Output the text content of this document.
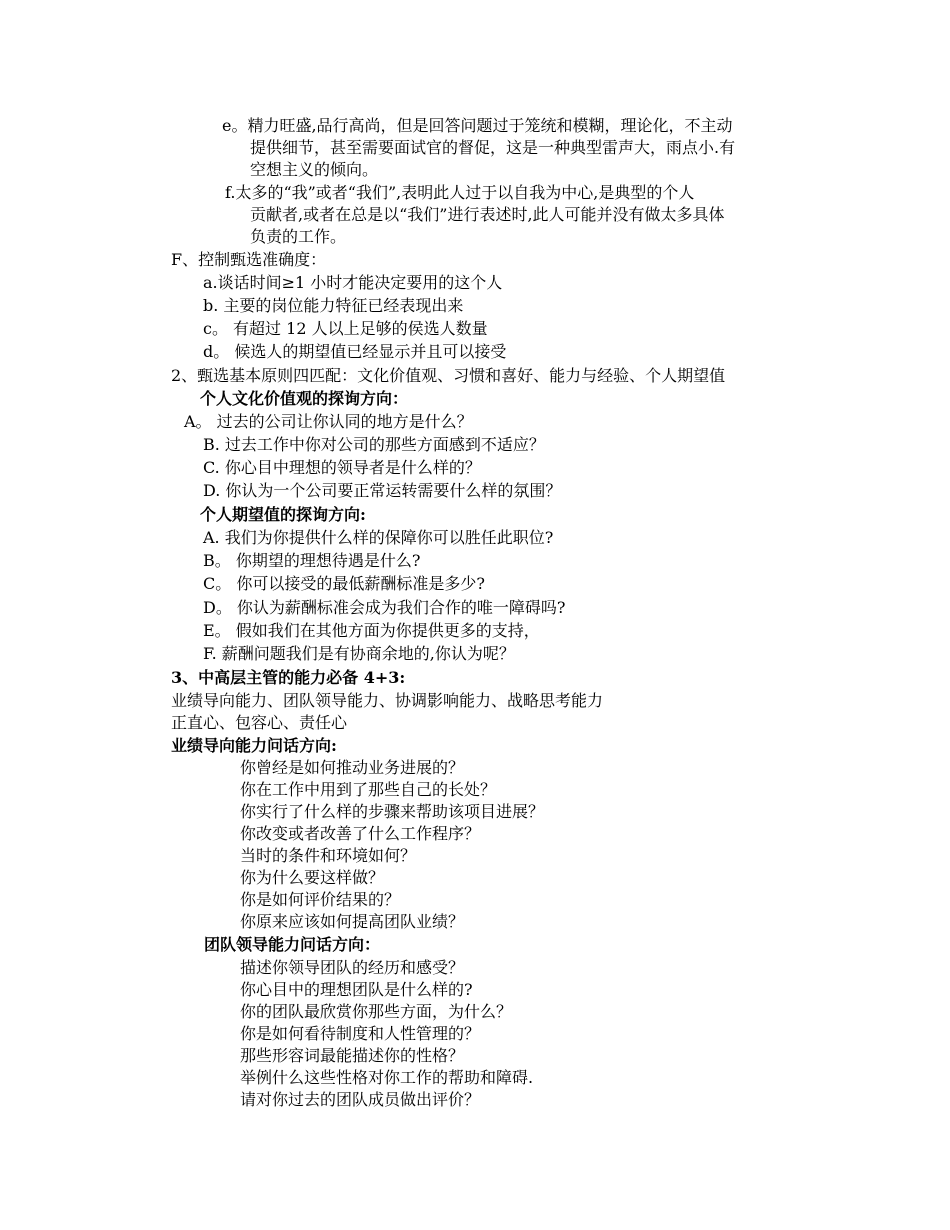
e。精力旺盛,品行高尚，但是回答问题过于笼统和模糊，理论化，不主动
提供细节，甚至需要面试官的督促，这是一种典型雷声大，雨点小.有
空想主义的倾向。
f.太多的“我”或者“我们”,表明此人过于以自我为中心,是典型的个人
贡献者,或者在总是以“我们”进行表述时,此人可能并没有做太多具体
负责的工作。
F、控制甄选准确度：
a.谈话时间≥1 小时才能决定要用的这个人
b. 主要的岗位能力特征已经表现出来
c。 有超过 12 人以上足够的侯选人数量
d。 候选人的期望值已经显示并且可以接受
2、甄选基本原则四匹配：文化价值观、习惯和喜好、能力与经验、个人期望值
个人文化价值观的探询方向：
A。 过去的公司让你认同的地方是什么？
B. 过去工作中你对公司的那些方面感到不适应？
C. 你心目中理想的领导者是什么样的？
D. 你认为一个公司要正常运转需要什么样的氛围？
个人期望值的探询方向:
A. 我们为你提供什么样的保障你可以胜任此职位?
B。 你期望的理想待遇是什么?
C。 你可以接受的最低薪酬标准是多少?
D。 你认为薪酬标准会成为我们合作的唯一障碍吗?
E。 假如我们在其他方面为你提供更多的支持，
F. 薪酬问题我们是有协商余地的,你认为呢？
3、中高层主管的能力必备 4+3:
业绩导向能力、团队领导能力、协调影响能力、战略思考能力
正直心、包容心、责任心
业绩导向能力问话方向:
你曾经是如何推动业务进展的？
你在工作中用到了那些自己的长处？
你实行了什么样的步骤来帮助该项目进展？
你改变或者改善了什么工作程序？
当时的条件和环境如何？
你为什么要这样做？
你是如何评价结果的？
你原来应该如何提高团队业绩？
团队领导能力问话方向：
描述你领导团队的经历和感受？
你心目中的理想团队是什么样的?
你的团队最欣赏你那些方面，为什么？
你是如何看待制度和人性管理的？
那些形容词最能描述你的性格？
举例什么这些性格对你工作的帮助和障碍.
请对你过去的团队成员做出评价？
